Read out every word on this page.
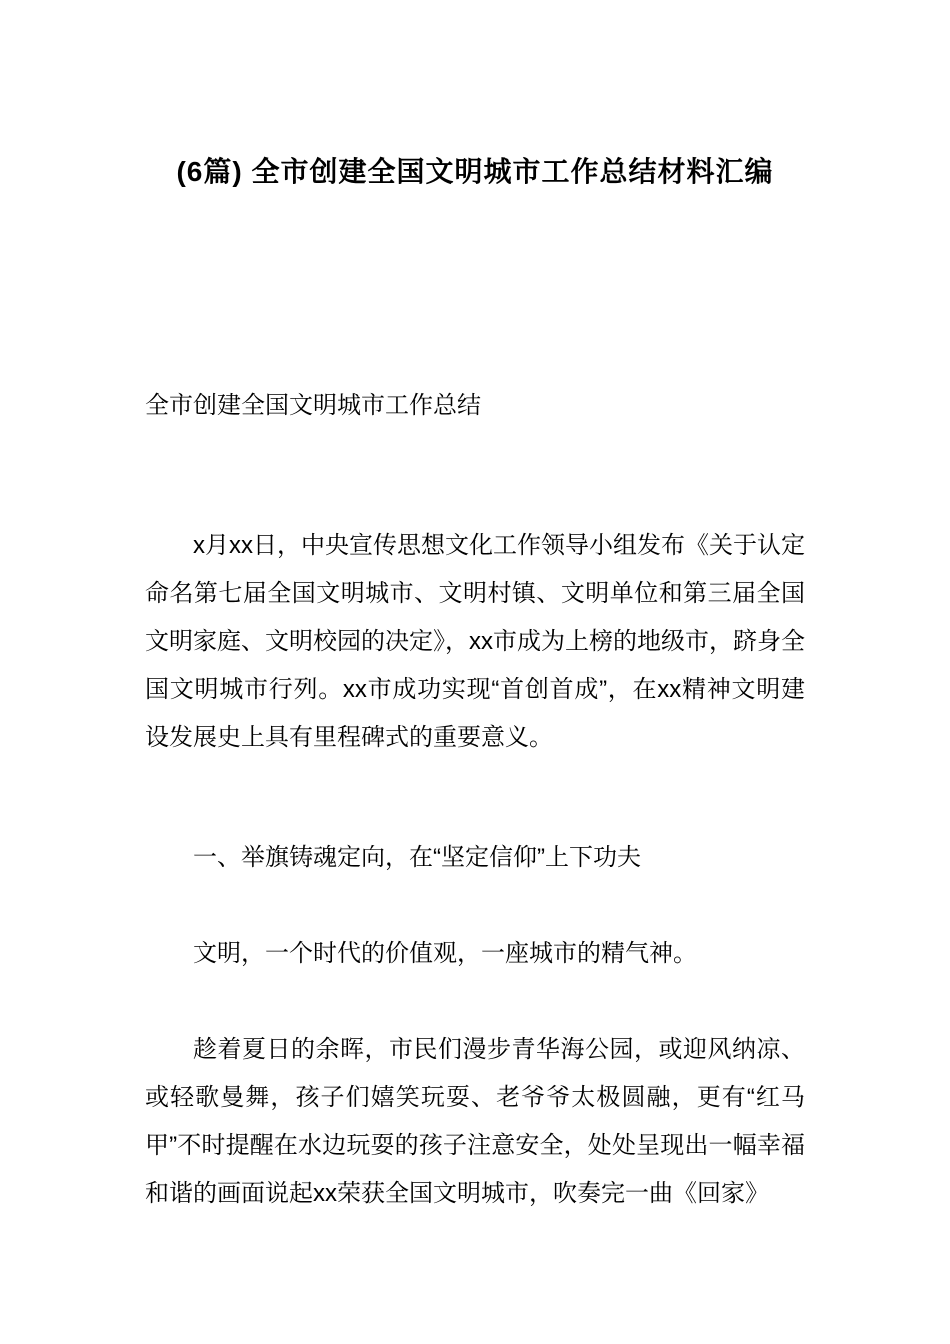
(6篇) 全市创建全国文明城市工作总结材料汇编
全市创建全国文明城市工作总结

x月xx日，中央宣传思想文化工作领导小组发布《关于认定命名第七届全国文明城市、文明村镇、文明单位和第三届全国文明家庭、文明校园的决定》，xx市成为上榜的地级市，跻身全国文明城市行列。xx市成功实现“首创首成”，在xx精神文明建设发展史上具有里程碑式的重要意义。

一、举旗铸魂定向，在“坚定信仰”上下功夫

文明，一个时代的价值观，一座城市的精气神。

趁着夏日的余晖，市民们漫步青华海公园，或迎风纳凉、或轻歌曼舞，孩子们嬉笑玩耍、老爷爷太极圆融，更有“红马甲”不时提醒在水边玩耍的孩子注意安全，处处呈现出一幅幸福和谐的画面说起xx荣获全国文明城市，吹奏完一曲《回家》
